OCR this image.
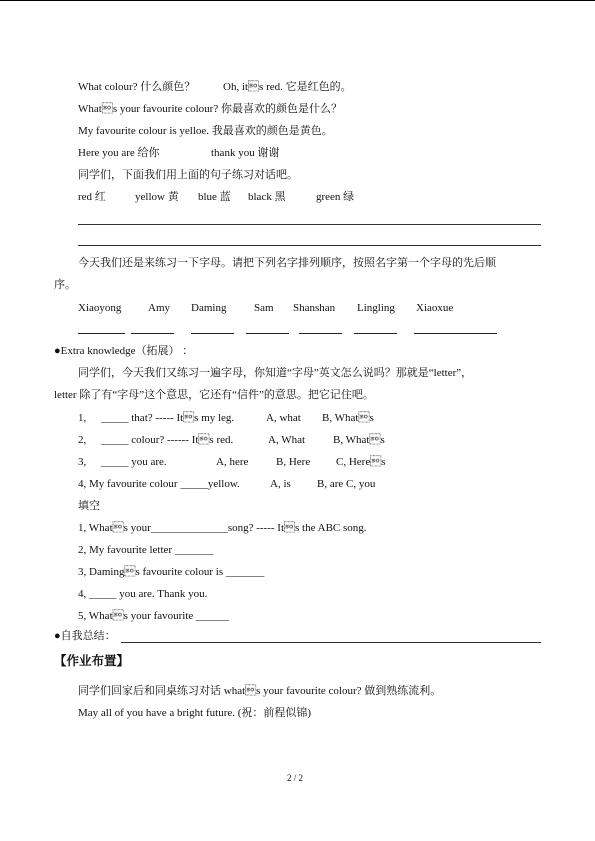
What colour? 什么颜色？	Oh, its red. 它是红色的。
Whats your favourite colour? 你最喜欢的颜色是什么？
My favourite colour is yelloe. 我最喜欢的颜色是黄色。
Here you are 给你	thank you 谢谢
同学们，下面我们用上面的句子练习对话吧。
red 红	yellow 黄 blue 蓝 black 黑	green 绿
今天我们还是来练习一下字母。请把下列名字排列顺序，按照名字第一个字母的先后顺
序。
Xiaoyong Amy Daming	Sam Shanshan Lingling Xiaoxue
●Extra knowledge（拓展） ：
同学们，今天我们又练习一遍字母，你知道“字母”英文怎么说吗？那就是“letter”，
letter 除了有“字母”这个意思，它还有“信件”的意思。把它记住吧。
1, _____ that? ----- Its my leg.	A, what B, Whats
2, _____ colour? ------ Its red.	A, What	B, Whats
3, _____ you are.	A, here	B, Here C, Heres
4, My favourite colour _____yellow.	A, is B, are C, you
填空
1, Whats your______________song? ----- Its the ABC song.
2, My favourite letter _______
3, Damings favourite colour is _______
4, _____ you are. Thank you.
5, Whats your favourite ______
●自我总结：
【作业布置】
同学们回家后和同桌练习对话 whats your favourite colour? 做到熟练流利。
May all of you have a bright future. (祝：前程似锦)
2 / 2
